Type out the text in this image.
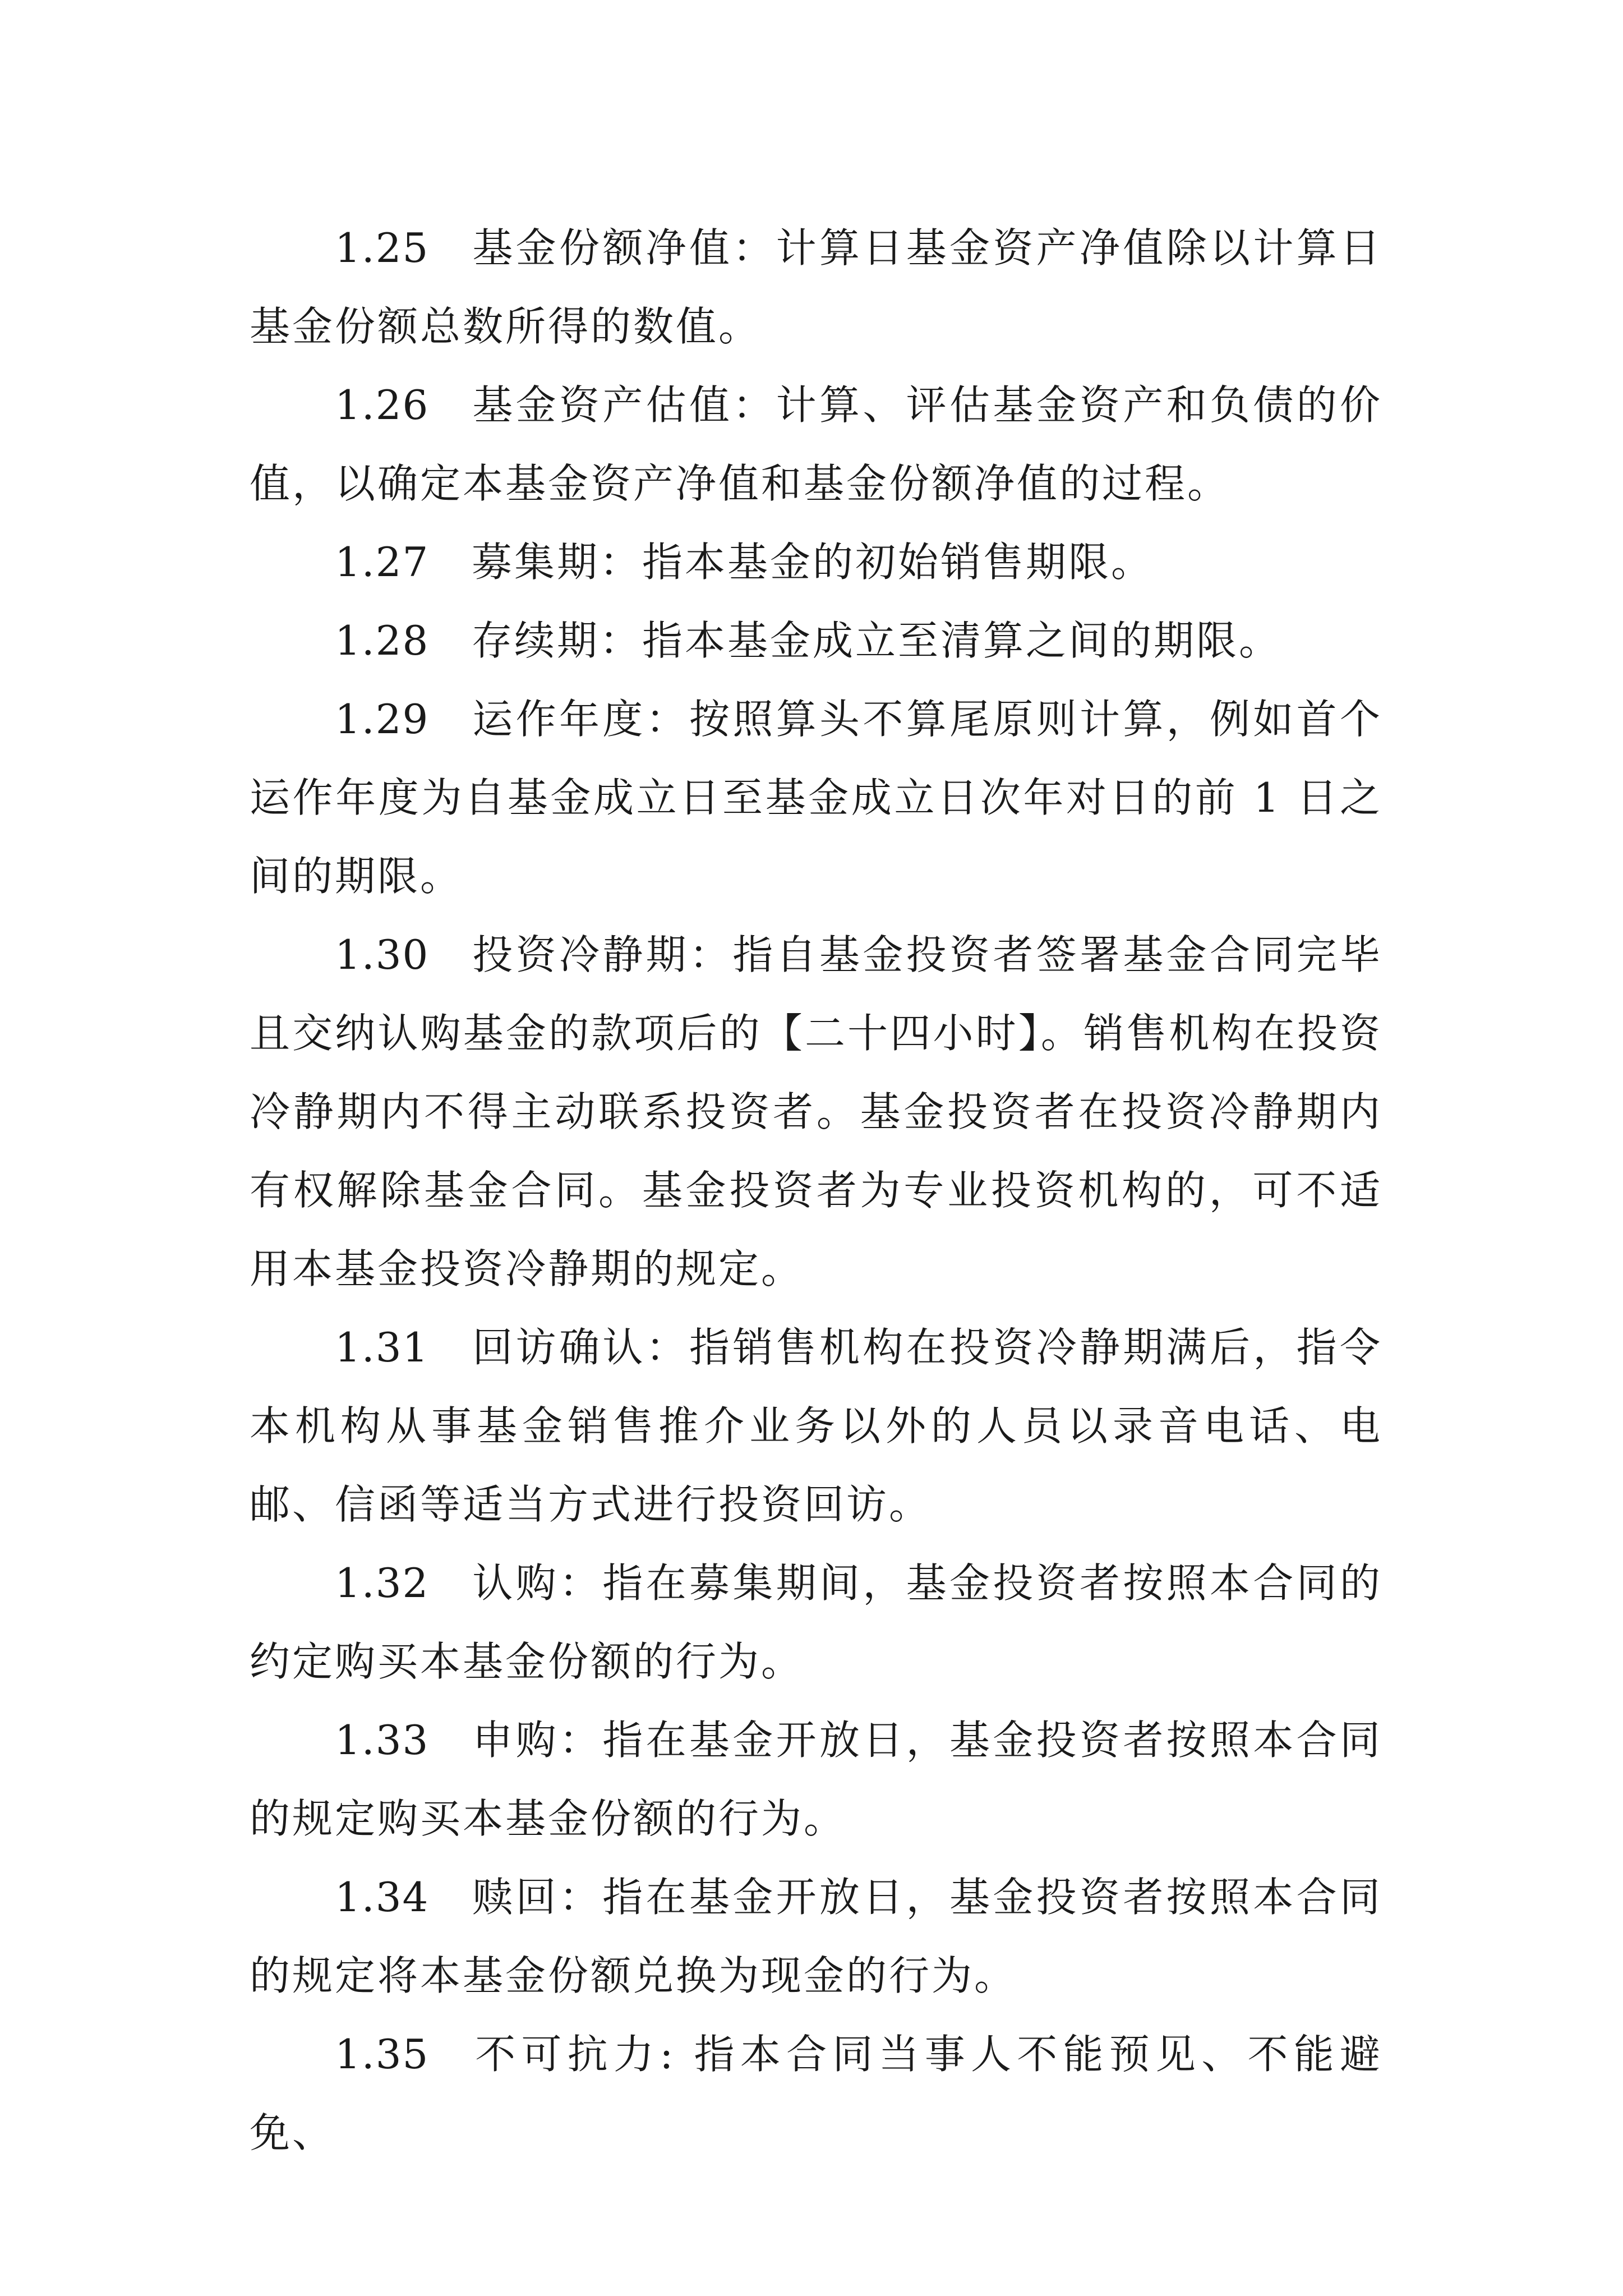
1.25 基金份额净值：计算日基金资产净值除以计算日基金份额总数所得的数值。

1.26 基金资产估值：计算、评估基金资产和负债的价值，以确定本基金资产净值和基金份额净值的过程。

1.27 募集期：指本基金的初始销售期限。

1.28 存续期：指本基金成立至清算之间的期限。

1.29 运作年度：按照算头不算尾原则计算，例如首个运作年度为自基金成立日至基金成立日次年对日的前 1 日之间的期限。

1.30 投资冷静期：指自基金投资者签署基金合同完毕且交纳认购基金的款项后的【二十四小时】。销售机构在投资冷静期内不得主动联系投资者。基金投资者在投资冷静期内有权解除基金合同。基金投资者为专业投资机构的，可不适用本基金投资冷静期的规定。

1.31 回访确认：指销售机构在投资冷静期满后，指令本机构从事基金销售推介业务以外的人员以录音电话、电邮、信函等适当方式进行投资回访。

1.32 认购：指在募集期间，基金投资者按照本合同的约定购买本基金份额的行为。

1.33 申购：指在基金开放日，基金投资者按照本合同的规定购买本基金份额的行为。

1.34 赎回：指在基金开放日，基金投资者按照本合同的规定将本基金份额兑换为现金的行为。

1.35 不可抗力: 指本合同当事人不能预见、不能避免、
